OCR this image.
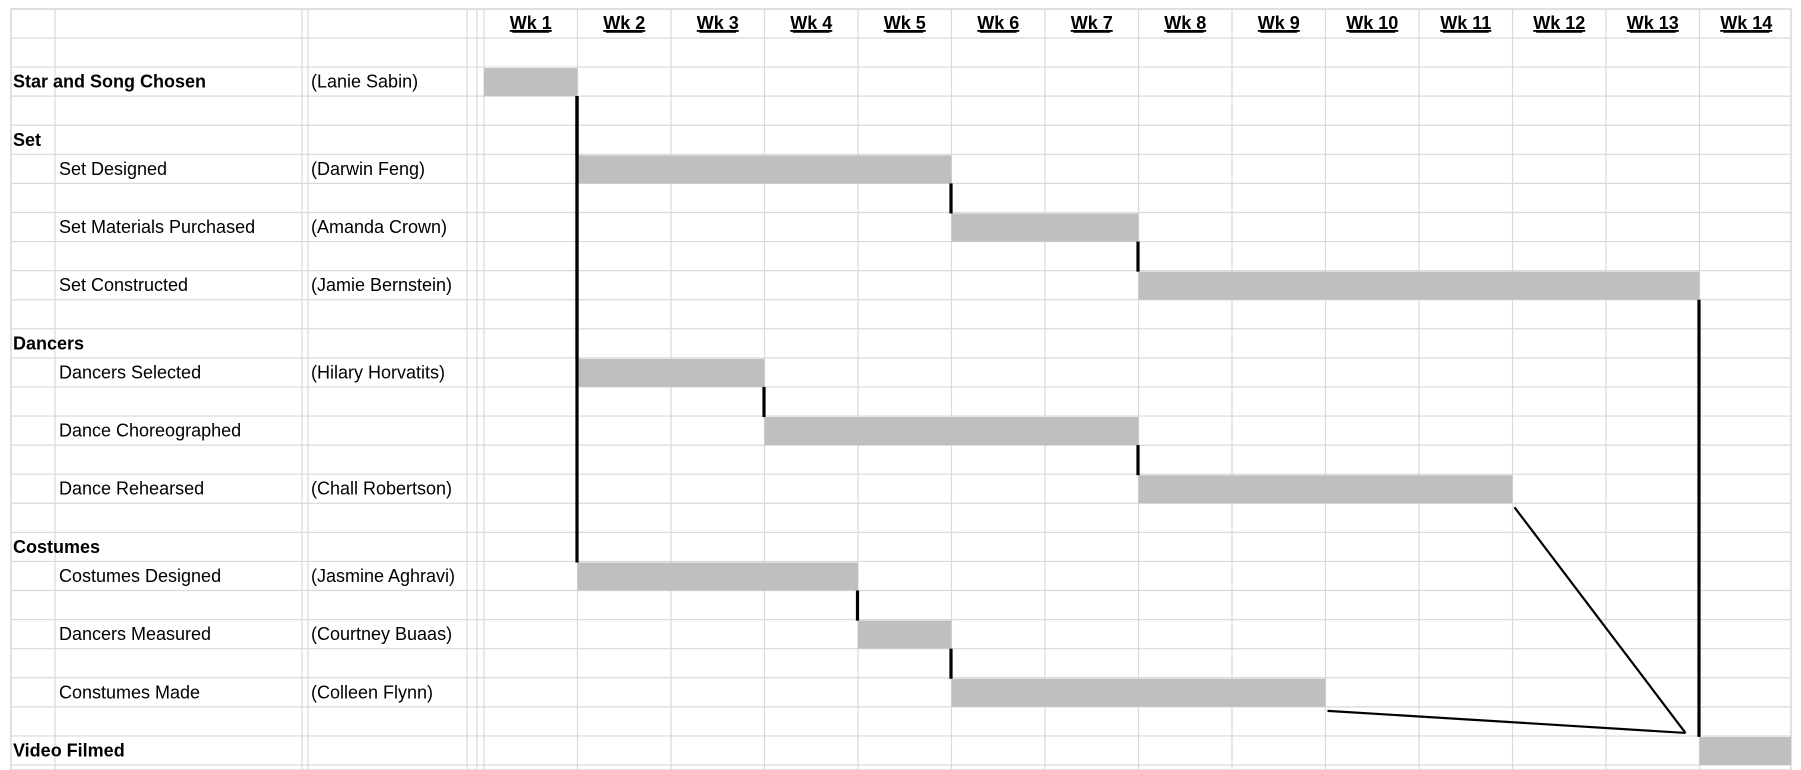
Wk 1	Wk 2	Wk 3	Wk 4	Wk 5	Wk 6	Wk 7	Wk 8	Wk 9	Wk 10 Wk 11 Wk 12 Wk 13 Wk 14
Star and Song Chosen	(Lanie Sabin)
Set
Set Designed	(Darwin Feng)
Set Materials Purchased	(Amanda Crown)
Set Constructed	(Jamie Bernstein)
Dancers
Dancers Selected	(Hilary Horvatits)
Dance Choreographed
Dance Rehearsed	(Chall Robertson)
Costumes
Costumes Designed	(Jasmine Aghravi)
Dancers Measured	(Courtney Buaas)
Constumes Made	(Colleen Flynn)
Video Filmed
